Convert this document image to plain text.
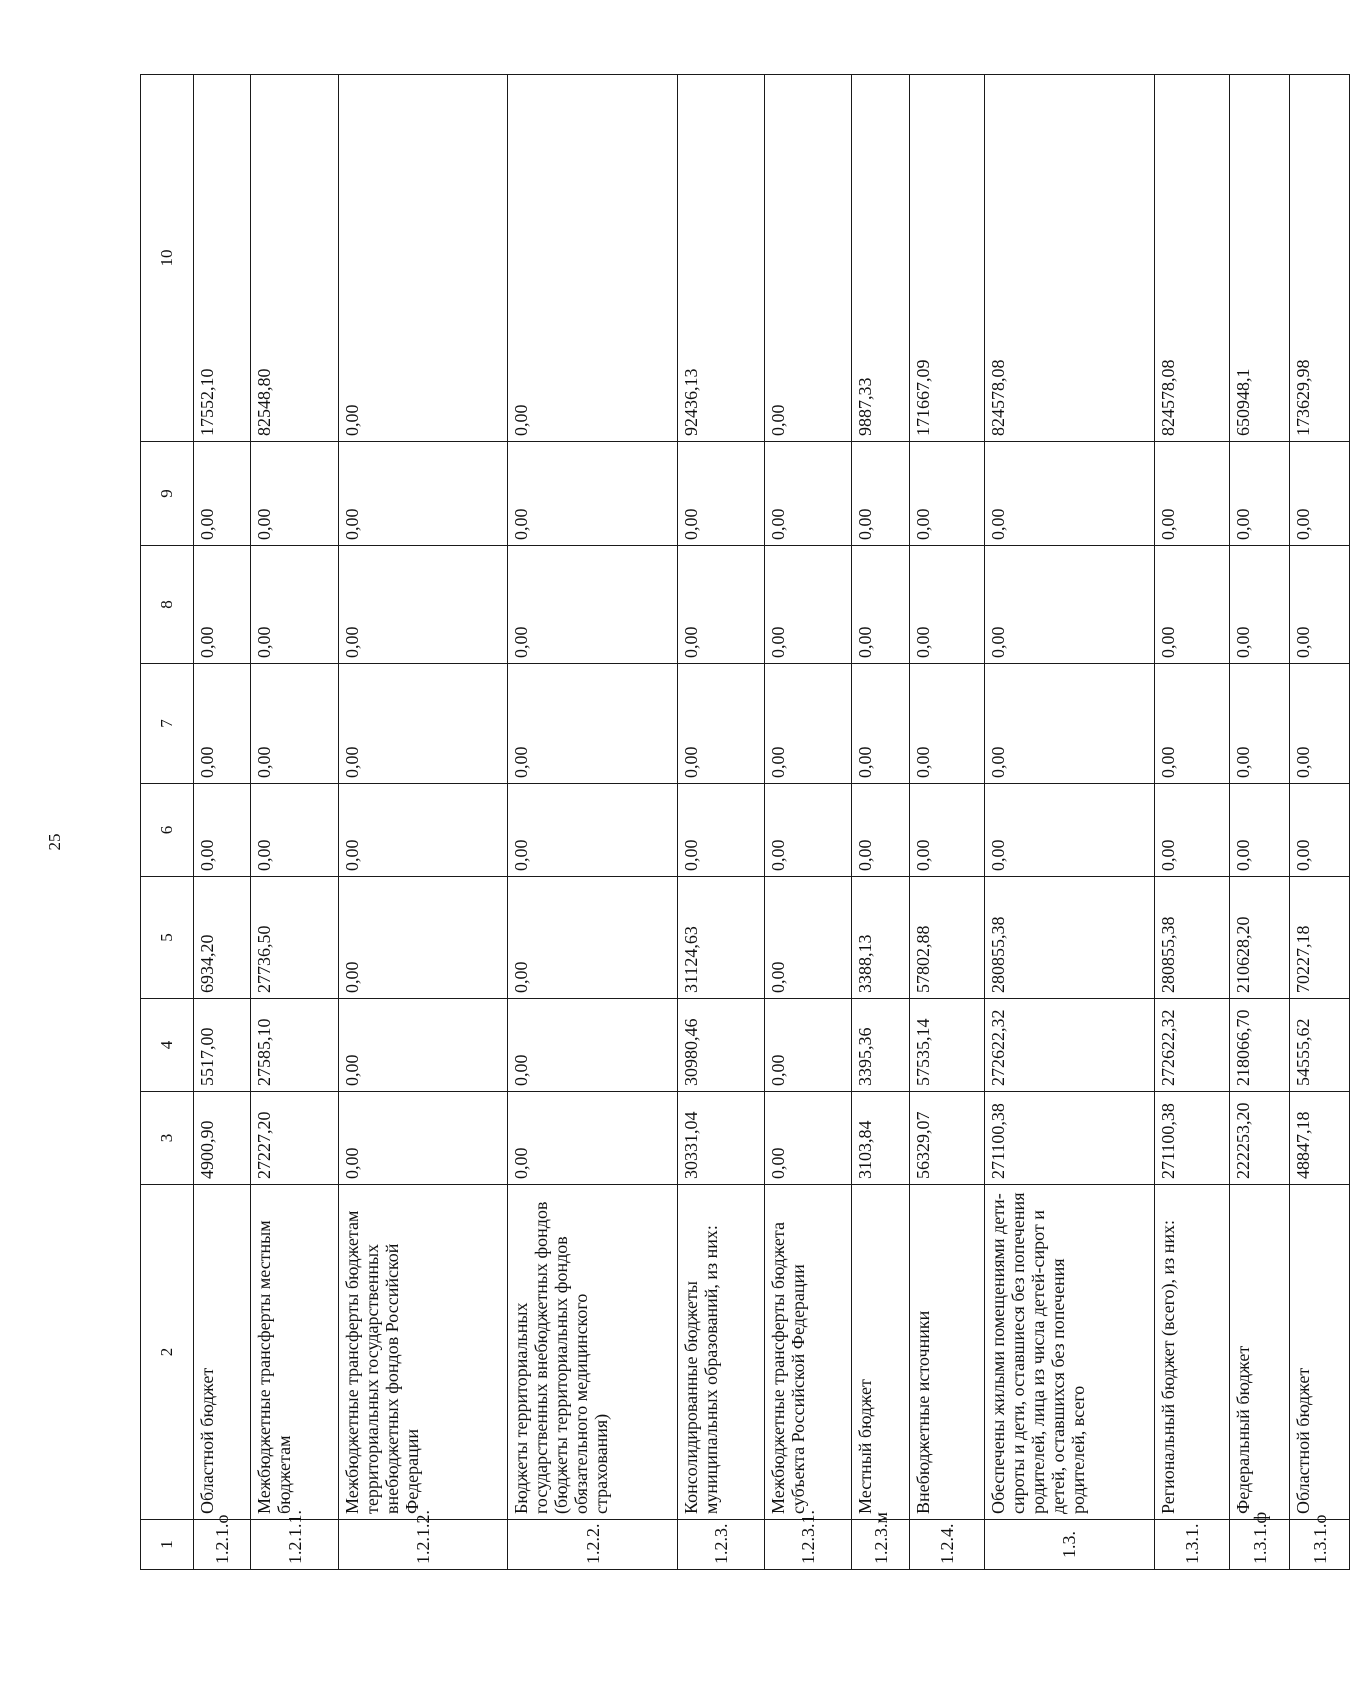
25
1	2	3	4	5	6	7	8	9	10
1.2.1.о	Областной бюджет	4900,90	5517,00	6934,20	0,00	0,00	0,00	0,00	17552,10
1.2.1.1.	Межбюджетные трансферты местным бюджетам	27227,20	27585,10	27736,50	0,00	0,00	0,00	0,00	82548,80
1.2.1.2.	Межбюджетные трансферты бюджетам территориальных государственных внебюджетных фондов Российской Федерации	0,00	0,00	0,00	0,00	0,00	0,00	0,00	0,00
1.2.2.	Бюджеты территориальных государственных внебюджетных фондов (бюджеты территориальных фондов обязательного медицинского страхования)	0,00	0,00	0,00	0,00	0,00	0,00	0,00	0,00
1.2.3.	Консолидированные бюджеты муниципальных образований, из них:	30331,04	30980,46	31124,63	0,00	0,00	0,00	0,00	92436,13
1.2.3.1.	Межбюджетные трансферты бюджета субъекта Российской Федерации	0,00	0,00	0,00	0,00	0,00	0,00	0,00	0,00
1.2.3.м	Местный бюджет	3103,84	3395,36	3388,13	0,00	0,00	0,00	0,00	9887,33
1.2.4.	Внебюджетные источники	56329,07	57535,14	57802,88	0,00	0,00	0,00	0,00	171667,09
1.3.	Обеспечены жилыми помещениями дети-сироты и дети, оставшиеся без попечения родителей, лица из числа детей-сирот и детей, оставшихся без попечения родителей, всего	271100,38	272622,32	280855,38	0,00	0,00	0,00	0,00	824578,08
1.3.1.	Региональный бюджет (всего), из них:	271100,38	272622,32	280855,38	0,00	0,00	0,00	0,00	824578,08
1.3.1.ф	Федеральный бюджет	222253,20	218066,70	210628,20	0,00	0,00	0,00	0,00	650948,1
1.3.1.о	Областной бюджет	48847,18	54555,62	70227,18	0,00	0,00	0,00	0,00	173629,98
